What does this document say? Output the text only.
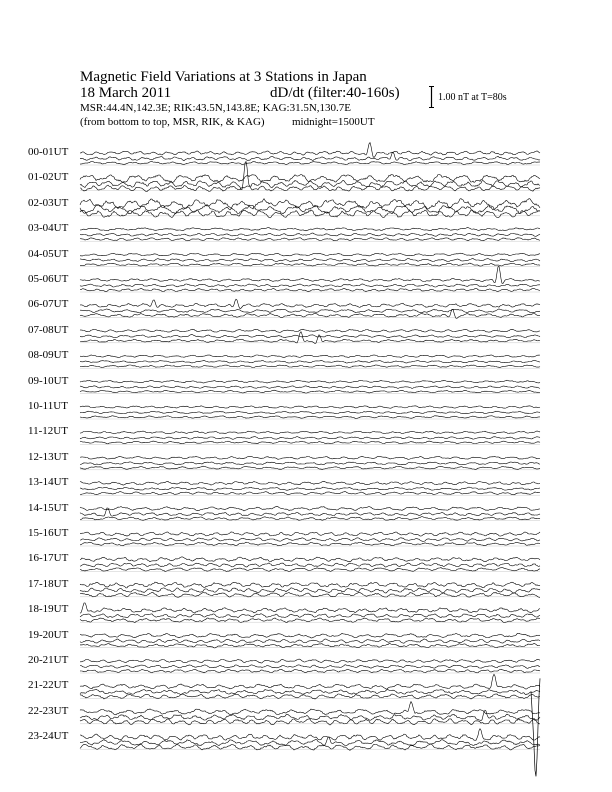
Magnetic Field Variations at 3 Stations in Japan
18 March 2011	dD/dt (filter:40-160s)
MSR:44.4N,142.3E; RIK:43.5N,143.8E; KAG:31.5N,130.7E
(from bottom to top, MSR, RIK, & KAG) midnight=1500UT
1.00 nT at T=80s
00-01UT
01-02UT
02-03UT
03-04UT
04-05UT
05-06UT
06-07UT
07-08UT
08-09UT
09-10UT
10-11UT
11-12UT
12-13UT
13-14UT
14-15UT
15-16UT
16-17UT
17-18UT
18-19UT
19-20UT
20-21UT
21-22UT
22-23UT
23-24UT
